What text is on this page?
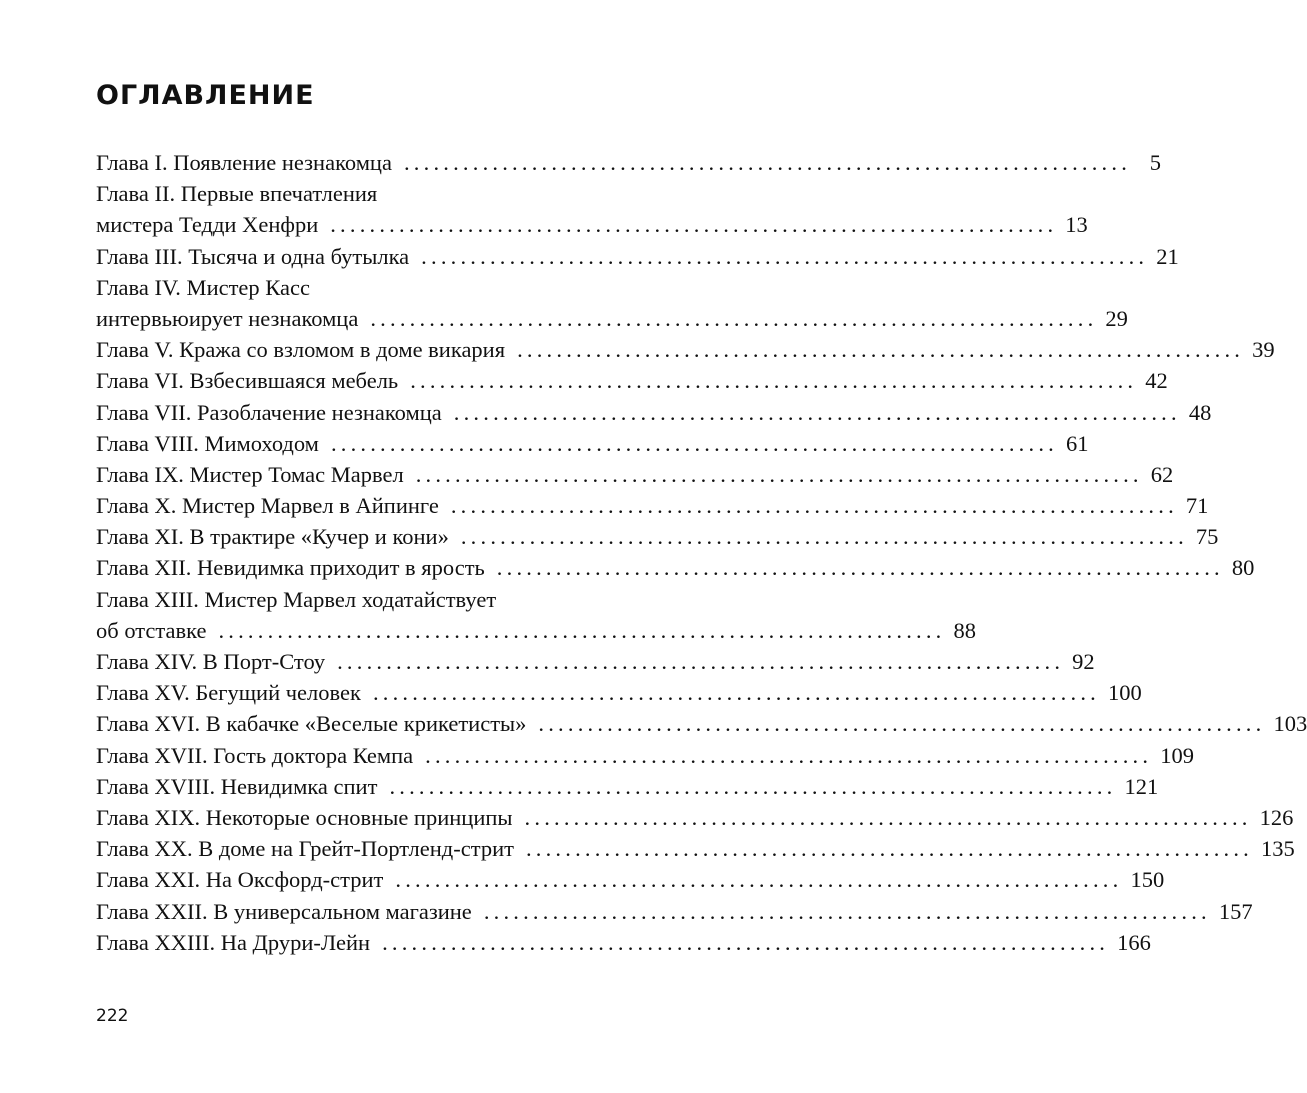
ОГЛАВЛЕНИЕ
Глава I. Появление незнакомца .......................................................................... 5
Глава II. Первые впечатления
мистера Тедди Хенфри .......................................................................... 13
Глава III. Тысяча и одна бутылка .......................................................................... 21
Глава IV. Мистер Касс
интервьюирует незнакомца .......................................................................... 29
Глава V. Кража со взломом в доме викария .......................................................................... 39
Глава VI. Взбесившаяся мебель .......................................................................... 42
Глава VII. Разоблачение незнакомца .......................................................................... 48
Глава VIII. Мимоходом .......................................................................... 61
Глава IX. Мистер Томас Марвел .......................................................................... 62
Глава X. Мистер Марвел в Айпинге .......................................................................... 71
Глава XI. В трактире «Кучер и кони» .......................................................................... 75
Глава XII. Невидимка приходит в ярость .......................................................................... 80
Глава XIII. Мистер Марвел ходатайствует
об отставке .......................................................................... 88
Глава XIV. В Порт-Стоу .......................................................................... 92
Глава XV. Бегущий человек .......................................................................... 100
Глава XVI. В кабачке «Веселые крикетисты» .......................................................................... 103
Глава XVII. Гость доктора Кемпа .......................................................................... 109
Глава XVIII. Невидимка спит .......................................................................... 121
Глава XIX. Некоторые основные принципы .......................................................................... 126
Глава XX. В доме на Грейт-Портленд-стрит .......................................................................... 135
Глава XXI. На Оксфорд-стрит .......................................................................... 150
Глава XXII. В универсальном магазине .......................................................................... 157
Глава XXIII. На Друри-Лейн .......................................................................... 166
222
